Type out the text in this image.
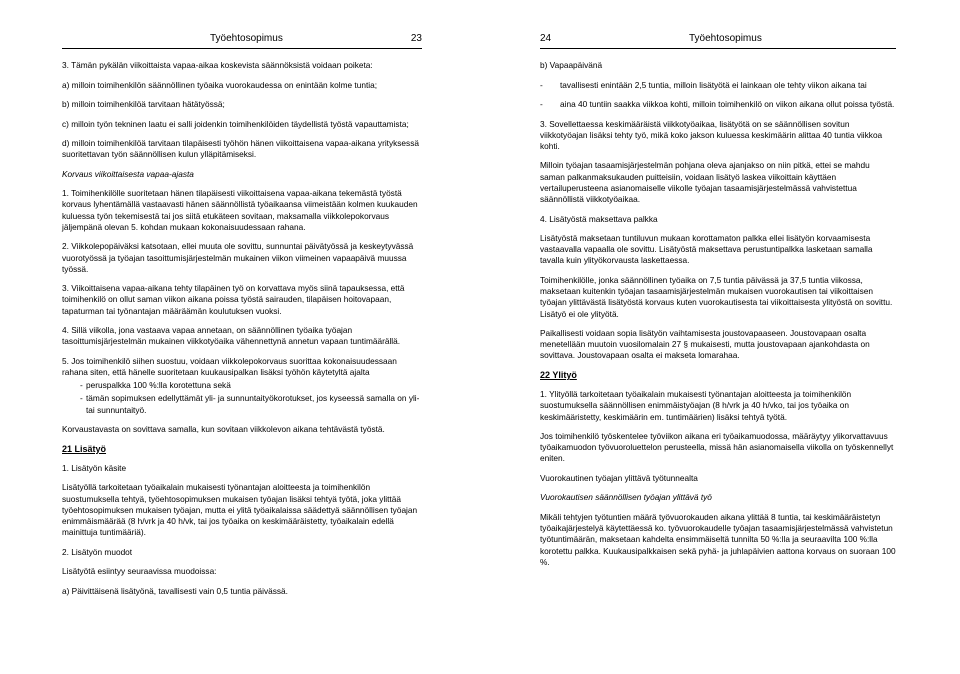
Työehtosopimus	23

3. Tämän pykälän viikoittaista vapaa-aikaa koskevista säännöksistä voidaan poiketa:

a) milloin toimihenkilön säännöllinen työaika vuorokaudessa on enintään kolme tuntia;

b) milloin toimihenkilöä tarvitaan hätätyössä;

c) milloin työn tekninen laatu ei salli joidenkin toimihenkilöiden täydellistä työstä vapauttamista;

d) milloin toimihenkilöä tarvitaan tilapäisesti työhön hänen viikoittaisena vapaa-aikana yrityksessä suoritettavan työn säännöllisen kulun ylläpitämiseksi.

Korvaus viikoittaisesta vapaa-ajasta

1. Toimihenkilölle suoritetaan hänen tilapäisesti viikoittaisena vapaa-aikana tekemästä työstä korvaus lyhentämällä vastaavasti hänen säännöllistä työaikaansa viimeistään kolmen kuukauden kuluessa työn tekemisestä tai jos siitä etukäteen sovitaan, maksamalla viikkolepokorvaus jäljempänä olevan 5. kohdan mukaan kokonaisuudessaan rahana.

2. Viikkolepopäiväksi katsotaan, ellei muuta ole sovittu, sunnuntai päivätyössä ja keskeytyvässä vuorotyössä ja työajan tasoittumisjärjestelmän mukainen viikon viimeinen vapaapäivä muussa työssä.

3. Viikoittaisena vapaa-aikana tehty tilapäinen työ on korvattava myös siinä tapauksessa, että toimihenkilö on ollut saman viikon aikana poissa työstä sairauden, tilapäisen hoitovapaan, tapaturman tai työnantajan määräämän koulutuksen vuoksi.

4. Sillä viikolla, jona vastaava vapaa annetaan, on säännöllinen työaika työajan tasoittumisjärjestelmän mukainen viikkotyöaika vähennettynä annetun vapaan tuntimäärällä.

5. Jos toimihenkilö siihen suostuu, voidaan viikkolepokorvaus suorittaa kokonaisuudessaan rahana siten, että hänelle suoritetaan kuukausipalkan lisäksi työhön käytetyltä ajalta

- peruspalkka 100 %:lla korotettuna sekä

- tämän sopimuksen edellyttämät yli- ja sunnuntaityökorotukset, jos kyseessä samalla on yli- tai sunnuntaityö.

Korvaustavasta on sovittava samalla, kun sovitaan viikkolevon aikana tehtävästä työstä.

21 Lisätyö

1. Lisätyön käsite

Lisätyöllä tarkoitetaan työaikalain mukaisesti työnantajan aloitteesta ja toimihenkilön suostumuksella tehtyä, työehtosopimuksen mukaisen työajan lisäksi tehtyä työtä, joka ylittää työehtosopimuksen mukaisen työajan, mutta ei ylitä työaikalaissa säädettyä säännöllisen työajan enimmäismäärää (8 h/vrk ja 40 h/vk, tai jos työaika on keskimääräistetty, työaikalain edellä mainittuja tuntimääriä).

2. Lisätyön muodot

Lisätyötä esiintyy seuraavissa muodoissa:

a) Päivittäisenä lisätyönä, tavallisesti vain 0,5 tuntia päivässä.

24	Työehtosopimus

b) Vapaapäivänä

- tavallisesti enintään 2,5 tuntia, milloin lisätyötä ei lainkaan ole tehty viikon aikana tai

- aina 40 tuntiin saakka viikkoa kohti, milloin toimihenkilö on viikon aikana ollut poissa työstä.

3. Sovellettaessa keskimääräistä viikkotyöaikaa, lisätyötä on se säännöllisen sovitun viikkotyöajan lisäksi tehty työ, mikä koko jakson kuluessa keskimäärin alittaa 40 tuntia viikkoa kohti.

Milloin työajan tasaamisjärjestelmän pohjana oleva ajanjakso on niin pitkä, ettei se mahdu saman palkanmaksukauden puitteisiin, voidaan lisätyö laskea viikoittain käyttäen vertailuperusteena asianomaiselle viikolle työajan tasaamisjärjestelmässä vahvistettua säännöllistä viikkotyöaikaa.

4. Lisätyöstä maksettava palkka

Lisätyöstä maksetaan tuntiluvun mukaan korottamaton palkka ellei lisätyön korvaamisesta vastaavalla vapaalla ole sovittu. Lisätyöstä maksettava perustuntipalkka lasketaan samalla tavalla kuin ylityökorvausta laskettaessa.

Toimihenkilölle, jonka säännöllinen työaika on 7,5 tuntia päivässä ja 37,5 tuntia viikossa, maksetaan kuitenkin työajan tasaamisjärjestelmän mukaisen vuorokautisen tai viikoittaisen työajan ylittävästä lisätyöstä korvaus kuten vuorokautisesta tai viikoittaisesta ylityöstä on sovittu. Lisätyö ei ole ylityötä.

Paikallisesti voidaan sopia lisätyön vaihtamisesta joustovapaaseen. Joustovapaan osalta menetellään muutoin vuosilomalain 27 § mukaisesti, mutta joustovapaan ajankohdasta on sovittava. Joustovapaan osalta ei makseta lomarahaa.

22 Ylityö

1. Ylityöllä tarkoitetaan työaikalain mukaisesti työnantajan aloitteesta ja toimihenkilön suostumuksella säännöllisen enimmäistyöajan (8 h/vrk ja 40 h/vko, tai jos työaika on keskimääristetty, keskimäärin em. tuntimäärien) lisäksi tehtyä työtä.

Jos toimihenkilö työskentelee työviikon aikana eri työaikamuodossa, määräytyy ylikorvattavuus työaikamuodon työvuoroluettelon perusteella, missä hän asianomaisella viikolla on työskennellyt eniten.

Vuorokautinen työajan ylittävä työtunnealta

Vuorokautisen säännöllisen työajan ylittävä työ

Mikäli tehtyjen työtuntien määrä työvuorokauden aikana ylittää 8 tuntia, tai keskimääräistetyn työaikajärjestelyä käytettäessä ko. työvuorokaudelle työajan tasaamisjärjestelmässä vahvistetun työtuntimäärän, maksetaan kahdelta ensimmäiseltä tunnilta 50 %:lla ja seuraavilta 100 %:lla korotettu palkka. Kuukausipalkkaisen sekä pyhä- ja juhlapäivien aattona korvaus on suoraan 100 %.
